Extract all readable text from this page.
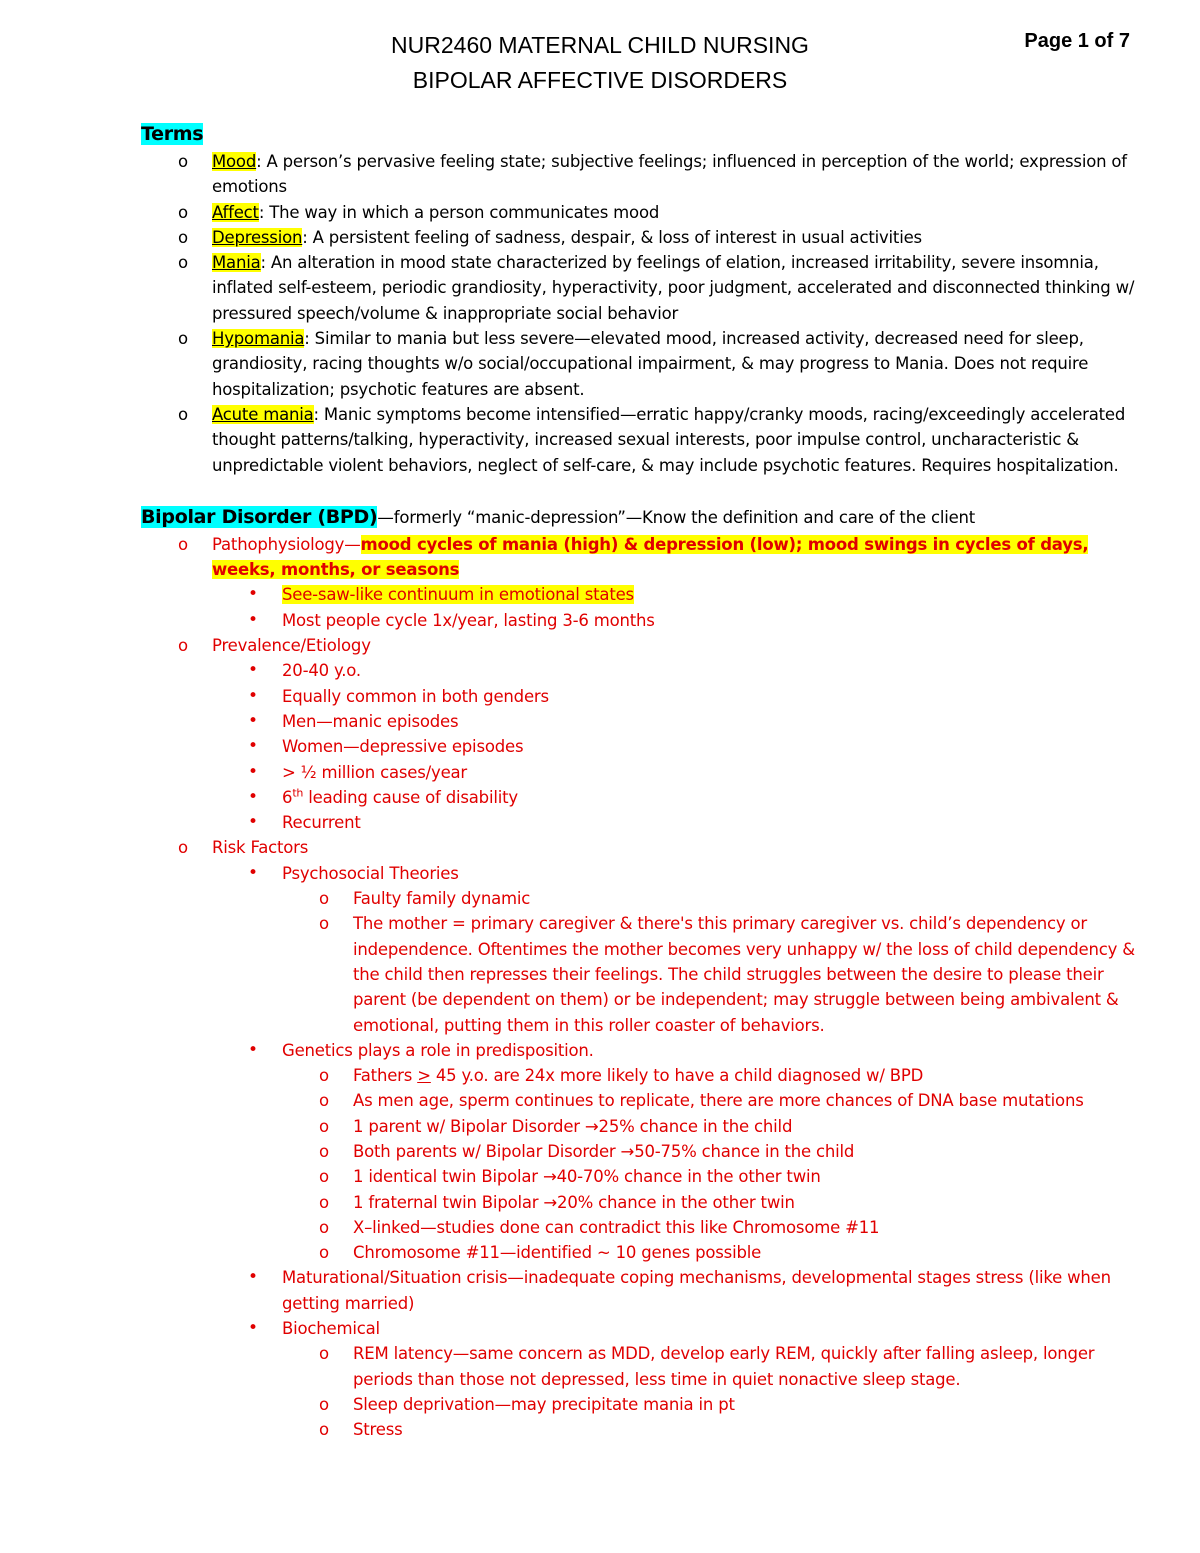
Page 1 of 7
NUR2460 MATERNAL CHILD NURSING
BIPOLAR AFFECTIVE DISORDERS
Terms
o Mood: A person’s pervasive feeling state; subjective feelings; influenced in perception of the world; expression of emotions
o Affect: The way in which a person communicates mood
o Depression: A persistent feeling of sadness, despair, & loss of interest in usual activities
o Mania: An alteration in mood state characterized by feelings of elation, increased irritability, severe insomnia, inflated self-esteem, periodic grandiosity, hyperactivity, poor judgment, accelerated and disconnected thinking w/ pressured speech/volume & inappropriate social behavior
o Hypomania: Similar to mania but less severe—elevated mood, increased activity, decreased need for sleep, grandiosity, racing thoughts w/o social/occupational impairment, & may progress to Mania. Does not require hospitalization; psychotic features are absent.
o Acute mania: Manic symptoms become intensified—erratic happy/cranky moods, racing/exceedingly accelerated thought patterns/talking, hyperactivity, increased sexual interests, poor impulse control, uncharacteristic & unpredictable violent behaviors, neglect of self-care, & may include psychotic features. Requires hospitalization.
Bipolar Disorder (BPD)—formerly “manic-depression”—Know the definition and care of the client
o Pathophysiology—mood cycles of mania (high) & depression (low); mood swings in cycles of days, weeks, months, or seasons
• See-saw-like continuum in emotional states
• Most people cycle 1x/year, lasting 3-6 months
o Prevalence/Etiology
• 20-40 y.o.
• Equally common in both genders
• Men—manic episodes
• Women—depressive episodes
• > ½ million cases/year
• 6th leading cause of disability
• Recurrent
o Risk Factors
• Psychosocial Theories
o Faulty family dynamic
o The mother = primary caregiver & there's this primary caregiver vs. child’s dependency or independence. Oftentimes the mother becomes very unhappy w/ the loss of child dependency & the child then represses their feelings. The child struggles between the desire to please their parent (be dependent on them) or be independent; may struggle between being ambivalent & emotional, putting them in this roller coaster of behaviors.
• Genetics plays a role in predisposition.
o Fathers > 45 y.o. are 24x more likely to have a child diagnosed w/ BPD
o As men age, sperm continues to replicate, there are more chances of DNA base mutations
o 1 parent w/ Bipolar Disorder →25% chance in the child
o Both parents w/ Bipolar Disorder →50-75% chance in the child
o 1 identical twin Bipolar →40-70% chance in the other twin
o 1 fraternal twin Bipolar →20% chance in the other twin
o X–linked—studies done can contradict this like Chromosome #11
o Chromosome #11—identified ~ 10 genes possible
• Maturational/Situation crisis—inadequate coping mechanisms, developmental stages stress (like when getting married)
• Biochemical
o REM latency—same concern as MDD, develop early REM, quickly after falling asleep, longer periods than those not depressed, less time in quiet nonactive sleep stage.
o Sleep deprivation—may precipitate mania in pt
o Stress
